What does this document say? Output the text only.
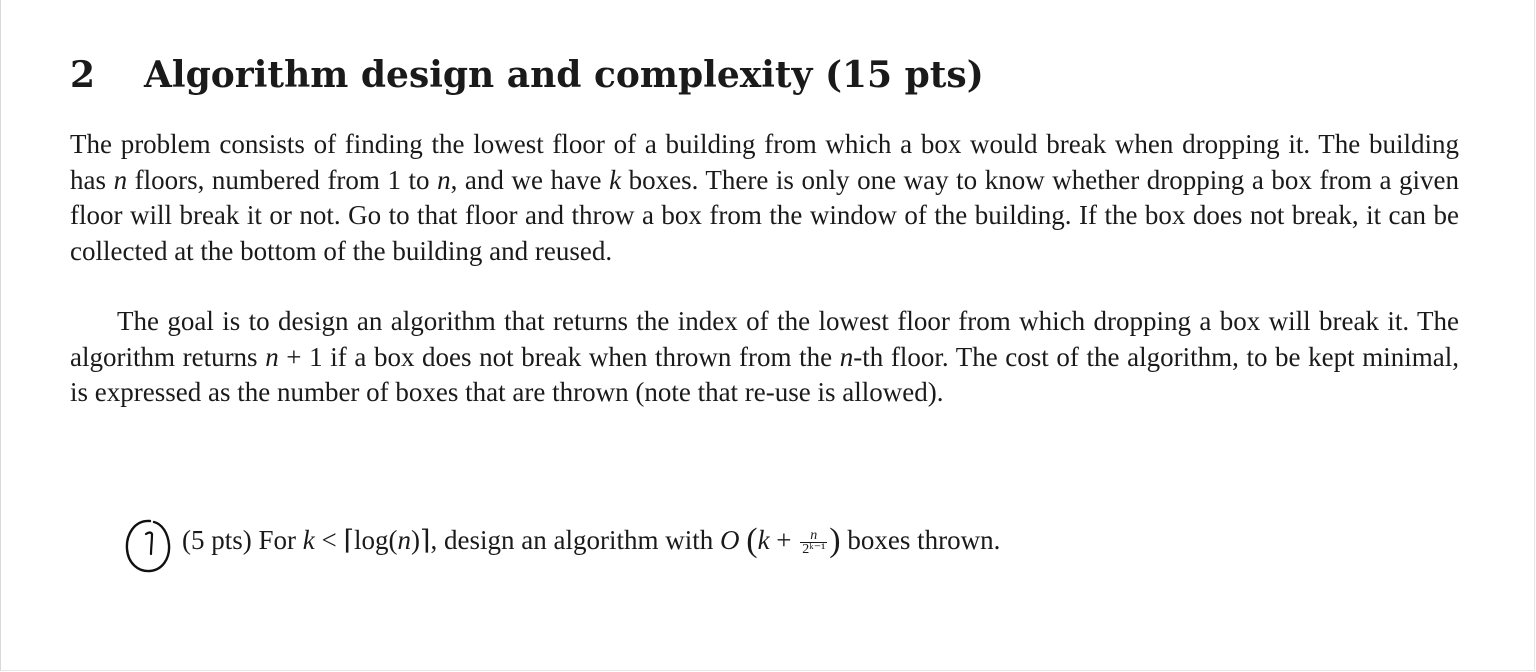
2 Algorithm design and complexity (15 pts)

The problem consists of finding the lowest floor of a building from which a box would break when dropping it. The building has n floors, numbered from 1 to n, and we have k boxes. There is only one way to know whether dropping a box from a given floor will break it or not. Go to that floor and throw a box from the window of the building. If the box does not break, it can be collected at the bottom of the building and reused.

The goal is to design an algorithm that returns the index of the lowest floor from which dropping a box will break it. The algorithm returns n + 1 if a box does not break when thrown from the n-th floor. The cost of the algorithm, to be kept minimal, is expressed as the number of boxes that are thrown (note that re-use is allowed).

(5 pts) For k < ⌈log(n)⌉, design an algorithm with O ($k + \frac{n}{\text{2ᵏ⁻¹}}$ ) boxes thrown.
